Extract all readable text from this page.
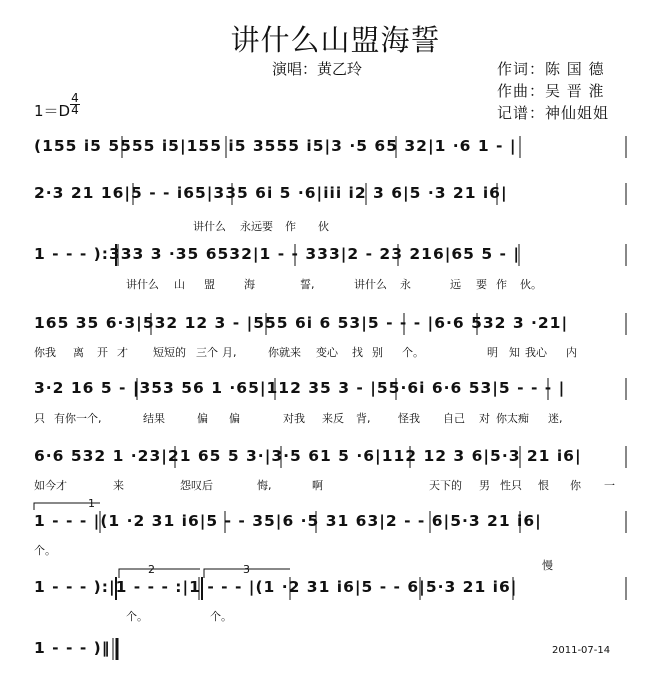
讲什么山盟海誓
演唱：黄乙玲	作词：陈 国 德
作曲：吴 晋 淮
记谱：神仙姐姐
1＝D
4
4
(155 i5 5555 i5|155 i5 3555 i5|3 ·5 65 32|1 ·6 1 - |
2·3 21 16|5 - - i65|335 6i 5 ·6|iii i2 3 6|5 ·3 21 i6|
讲什么 永远要 作 伙
1 - - - ):333 3 ·35 6532|1 - - 333|2 - 23 216|65 5 - |
讲什么 山 盟	海	誓,	讲什么 永	远 要 作 伙。
165 35 6·3|532 12 3 - |555 6i 6 53|5 - - - |6·6 532 3 ·21|
你我 离 开 才 短短的 三个 月,	你就来 变心 找 别 个。	明 知 我心 内
3·2 16 5 - |353 56 1 ·65|112 35 3 - |55·6i 6·6 53|5 - - - |
只 有你一个,	结果	偏 偏	对我 来反 背,	怪我 自己 对 你太痴 迷,
6·6 532 1 ·23|21 65 5 3·|3·5 61 5 ·6|112 12 3 6|5·3 21 i6|
如今才	来	怨叹后	悔,	啊	天下的 男 性只 恨 你 一
1
1 - - - |(1 ·2 31 i6|5 - - 35|6 ·5 31 63|2 - - 6|5·3 21 i6|
个。
2	3	慢
1 - - - ):|1 - - - :|1 - - - |(1 ·2 31 i6|5 - - 6|5·3 21 i6|
个。	个。
1 - - - )‖	2011-07-14
